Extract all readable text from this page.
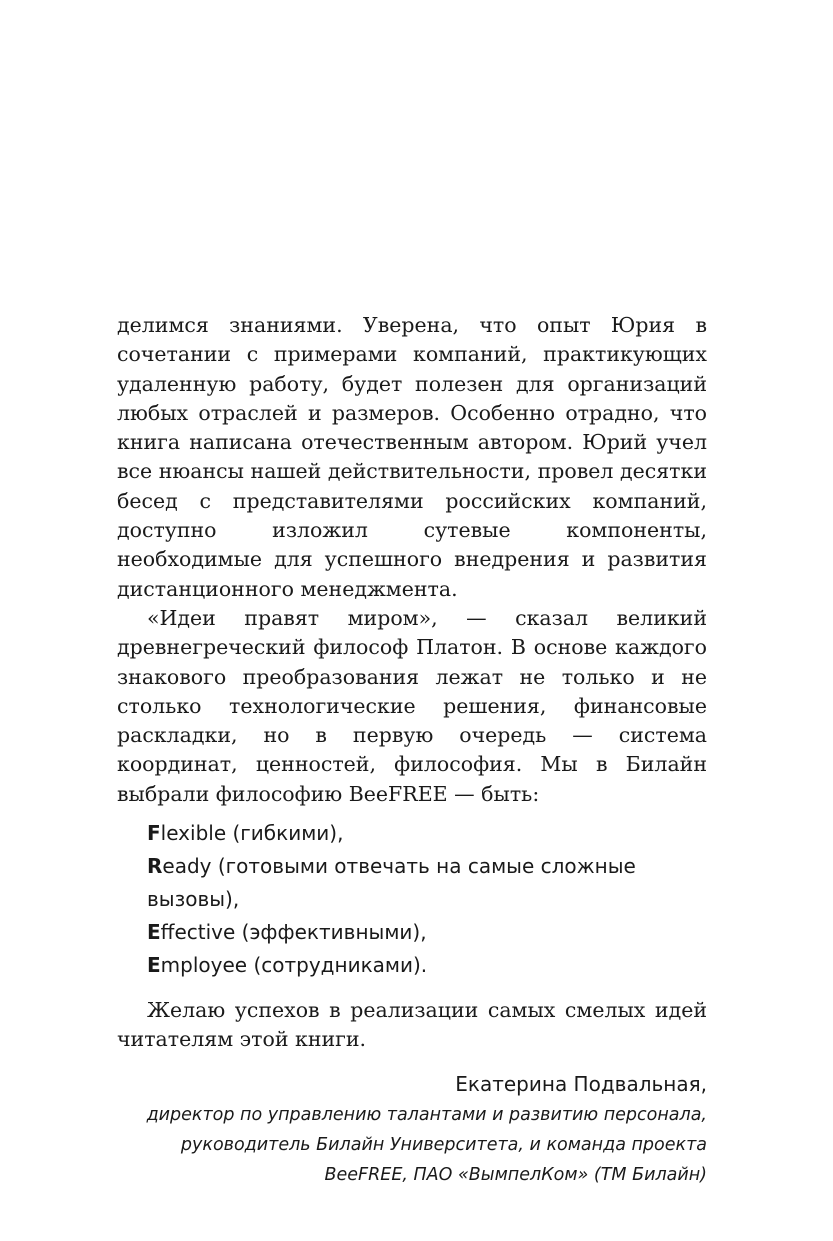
делимся знаниями. Уверена, что опыт Юрия в сочетании с примерами компаний, практикующих удаленную работу, будет полезен для организаций любых отраслей и размеров. Особенно отрадно, что книга написана отечественным автором. Юрий учел все нюансы нашей действительности, провел десятки бесед с представителями российских компаний, доступно изложил сутевые компоненты, необходимые для успешного внедрения и развития дистанционного менеджмента.

«Идеи правят миром», — сказал великий древнегреческий философ Платон. В основе каждого знакового преобразования лежат не только и не столько технологические решения, финансовые раскладки, но в первую очередь — система координат, ценностей, философия. Мы в Билайн выбрали философию BeeFREE — быть:

Flexible (гибкими),
Ready (готовыми отвечать на самые сложные вызовы),
Effective (эффективными),
Employee (сотрудниками).

Желаю успехов в реализации самых смелых идей читателям этой книги.

Екатерина Подвальная,
директор по управлению талантами и развитию персонала,
руководитель Билайн Университета, и команда проекта
BeeFREE, ПАО «ВымпелКом» (ТМ Билайн)
